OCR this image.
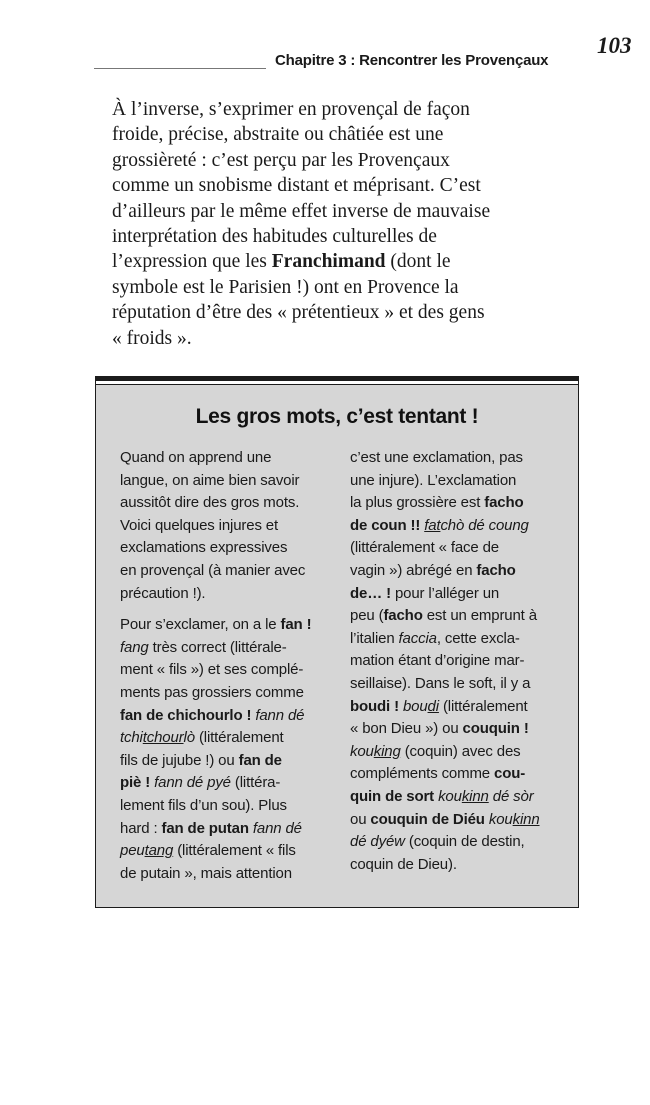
Chapitre 3 : Rencontrer les Provençaux
103
À l’inverse, s’exprimer en provençal de façon
froide, précise, abstraite ou châtiée est une
grossièreté : c’est perçu par les Provençaux
comme un snobisme distant et méprisant. C’est
d’ailleurs par le même effet inverse de mauvaise
interprétation des habitudes culturelles de
l’expression que les Franchimand (dont le
symbole est le Parisien !) ont en Provence la
réputation d’être des « prétentieux » et des gens
« froids ».
Les gros mots, c’est tentant !
Quand on apprend une
langue, on aime bien savoir
aussitôt dire des gros mots.
Voici quelques injures et
exclamations expressives
en provençal (à manier avec
précaution !).
Pour s’exclamer, on a le fan !
fang très correct (littérale-
ment « fils ») et ses complé-
ments pas grossiers comme
fan de chichourlo ! fann dé
tchitchourlò (littéralement
fils de jujube !) ou fan de
piè ! fann dé pyé (littéra-
lement fils d’un sou). Plus
hard : fan de putan fann dé
peutang (littéralement « fils
de putain », mais attention
c’est une exclamation, pas
une injure). L’exclamation
la plus grossière est facho
de coun !! fatchò dé coung
(littéralement « face de
vagin ») abrégé en facho
de… ! pour l’alléger un
peu (facho est un emprunt à
l’italien faccia, cette excla-
mation étant d’origine mar-
seillaise). Dans le soft, il y a
boudi ! boudi (littéralement
« bon Dieu ») ou couquin !
kouking (coquin) avec des
compléments comme cou-
quin de sort koukinn dé sòr
ou couquin de Diéu koukinn
dé dyéw (coquin de destin,
coquin de Dieu).
